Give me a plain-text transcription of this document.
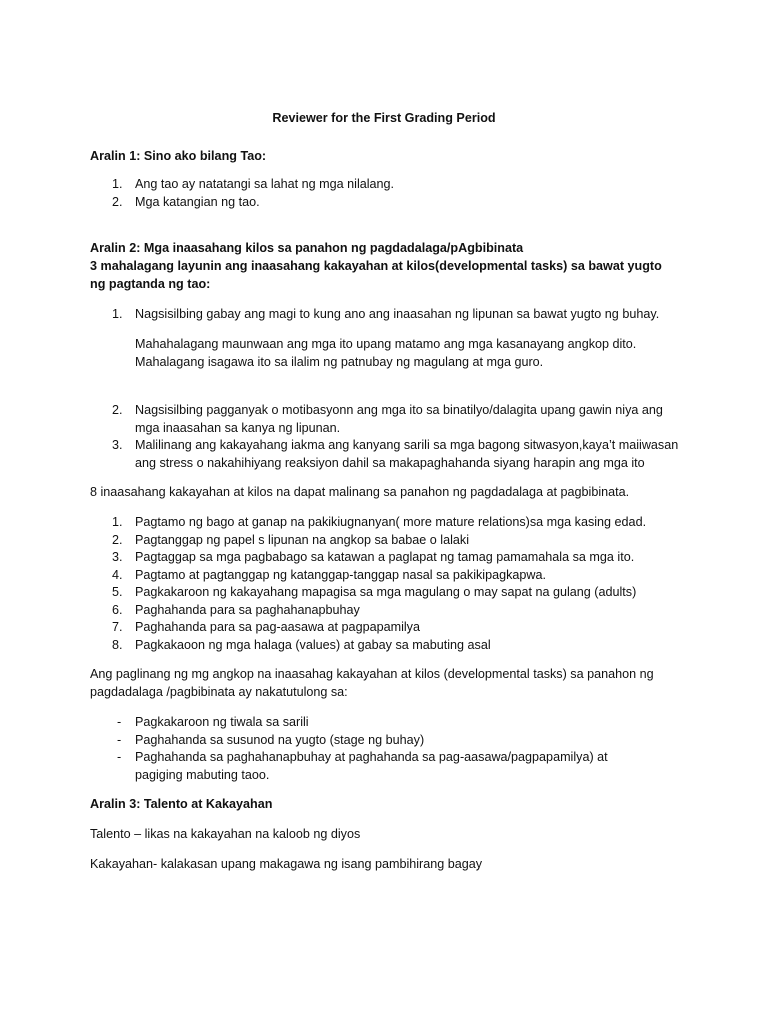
Reviewer for the First Grading Period

Aralin 1: Sino ako bilang Tao:

1. Ang tao ay natatangi sa lahat ng mga nilalang.
2. Mga katangian ng tao.

Aralin 2: Mga inaasahang kilos sa panahon ng pagdadalaga/pAgbibinata

3 mahalagang layunin ang inaasahang kakayahan at kilos(developmental tasks) sa bawat yugto ng pagtanda ng tao:

1. Nagsisilbing gabay ang magi to kung ano ang inaasahan ng lipunan sa bawat yugto ng buhay.

Mahahalagang maunwaan ang mga ito upang matamo ang mga kasanayang angkop dito.

Mahalagang isagawa ito sa ilalim ng patnubay ng magulang at mga guro.

2. Nagsisilbing pagganyak o motibasyonn ang mga ito sa binatilyo/dalagita upang gawin niya ang mga inaasahan sa kanya ng lipunan.
3. Malilinang ang kakayahang iakma ang kanyang sarili sa mga bagong sitwasyon,kaya’t maiiwasan ang stress o nakahihiyang reaksiyon dahil sa makapaghahanda siyang harapin ang mga ito

8 inaasahang kakayahan at kilos na dapat malinang sa panahon ng pagdadalaga at pagbibinata.

1. Pagtamo ng bago at ganap na pakikiugnanyan( more mature relations)sa mga kasing edad.
2. Pagtanggap ng papel s lipunan na angkop sa babae o lalaki
3. Pagtaggap sa mga pagbabago sa katawan a paglapat ng tamag pamamahala sa mga ito.
4. Pagtamo at pagtanggap ng katanggap-tanggap nasal sa pakikipagkapwa.
5. Pagkakaroon ng kakayahang mapagisa sa mga magulang o may sapat na gulang (adults)
6. Paghahanda para sa paghahanapbuhay
7. Paghahanda para sa pag-aasawa at pagpapamilya
8. Pagkakaoon ng mga halaga (values) at gabay sa mabuting asal

Ang paglinang ng mg angkop na inaasahag kakayahan at kilos (developmental tasks) sa panahon ng pagdadalaga /pagbibinata ay nakatutulong sa:

- Pagkakaroon ng tiwala sa sarili
- Paghahanda sa susunod na yugto (stage ng buhay)
- Paghahanda sa paghahanapbuhay at paghahanda sa pag-aasawa/pagpapamilya) at pagiging mabuting taoo.

Aralin 3: Talento at Kakayahan

Talento – likas na kakayahan na kaloob ng diyos

Kakayahan- kalakasan upang makagawa ng isang pambihirang bagay
